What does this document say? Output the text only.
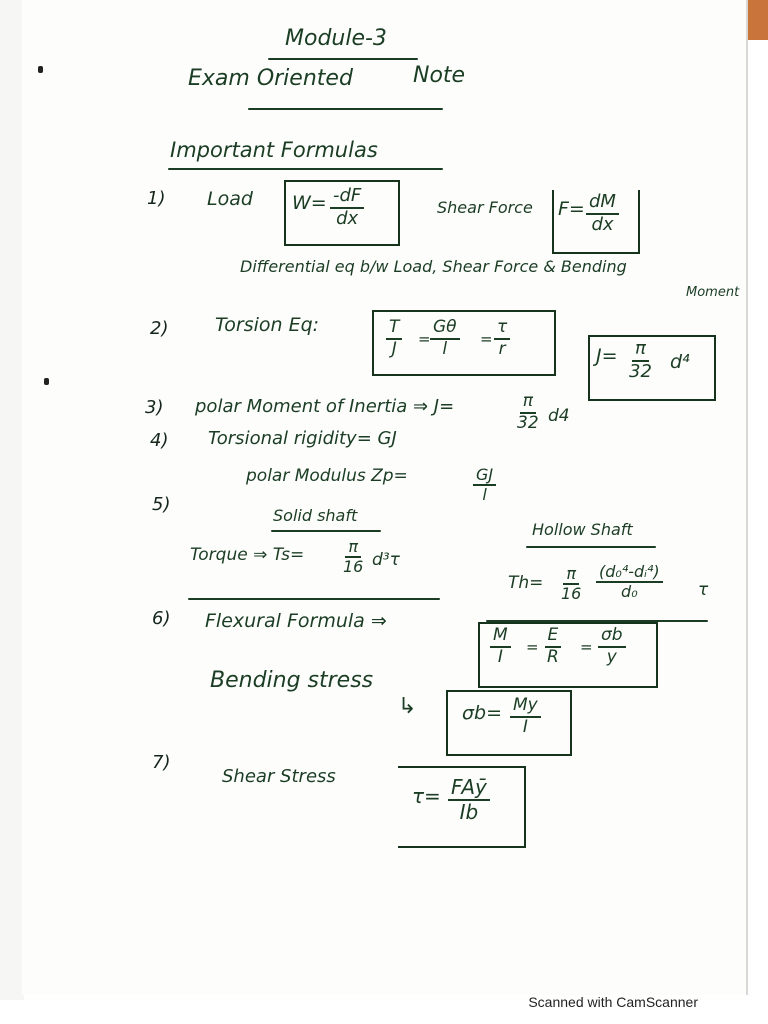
Module-3
Exam Oriented	Note
Important Formulas
1) Load $W= \frac{-dF}{dx}$	Shear Force $F= \frac{dM}{dx}$
Differential eq b/w Load, Shear Force & Bending
Moment
2) Torsion Eq:	$\frac{T}{J} = \frac{G\theta}{l} = \frac{\tau}{r}$	$J= \frac{\pi}{32} d^4$
3) polar Moment of Inertia ⇒ J=	$\frac{\pi}{32} d4$
4) Torsional rigidity= GJ
polar Modulus Zp=	$\frac{GJ}{l}$
5)
Solid shaft
Hollow Shaft
Torque ⇒ $Ts= \frac{\pi}{16} d^3\tau$
$Th= \frac{\pi}{16} \frac{\text{(d₀⁴-dᵢ⁴)}}{\text{d₀}}$ τ
6) Flexural Formula ⇒
$\frac{M}{I} = \frac{E}{R} = \frac{\sigma b}{y}$
Bending stress
↳ $\sigma b= \frac{My}{I}$
7)
Shear Stress
τ= FAȳ
Ib
Scanned with CamScanner
